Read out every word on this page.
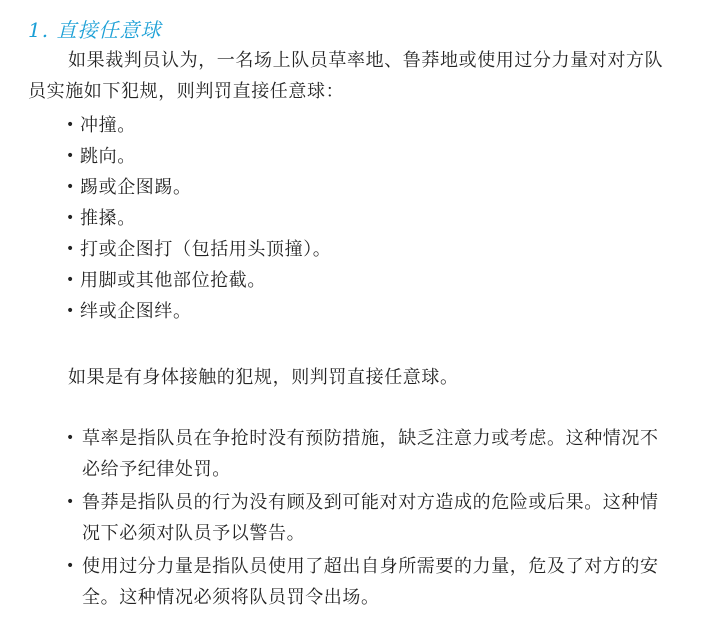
1. 直接任意球
如果裁判员认为，一名场上队员草率地、鲁莽地或使用过分力量对对方队员实施如下犯规，则判罚直接任意球：
• 冲撞。
• 跳向。
• 踢或企图踢。
• 推搡。
• 打或企图打（包括用头顶撞）。
• 用脚或其他部位抢截。
• 绊或企图绊。
如果是有身体接触的犯规，则判罚直接任意球。
• 草率是指队员在争抢时没有预防措施，缺乏注意力或考虑。这种情况不必给予纪律处罚。
• 鲁莽是指队员的行为没有顾及到可能对对方造成的危险或后果。这种情况下必须对队员予以警告。
• 使用过分力量是指队员使用了超出自身所需要的力量，危及了对方的安全。这种情况必须将队员罚令出场。
